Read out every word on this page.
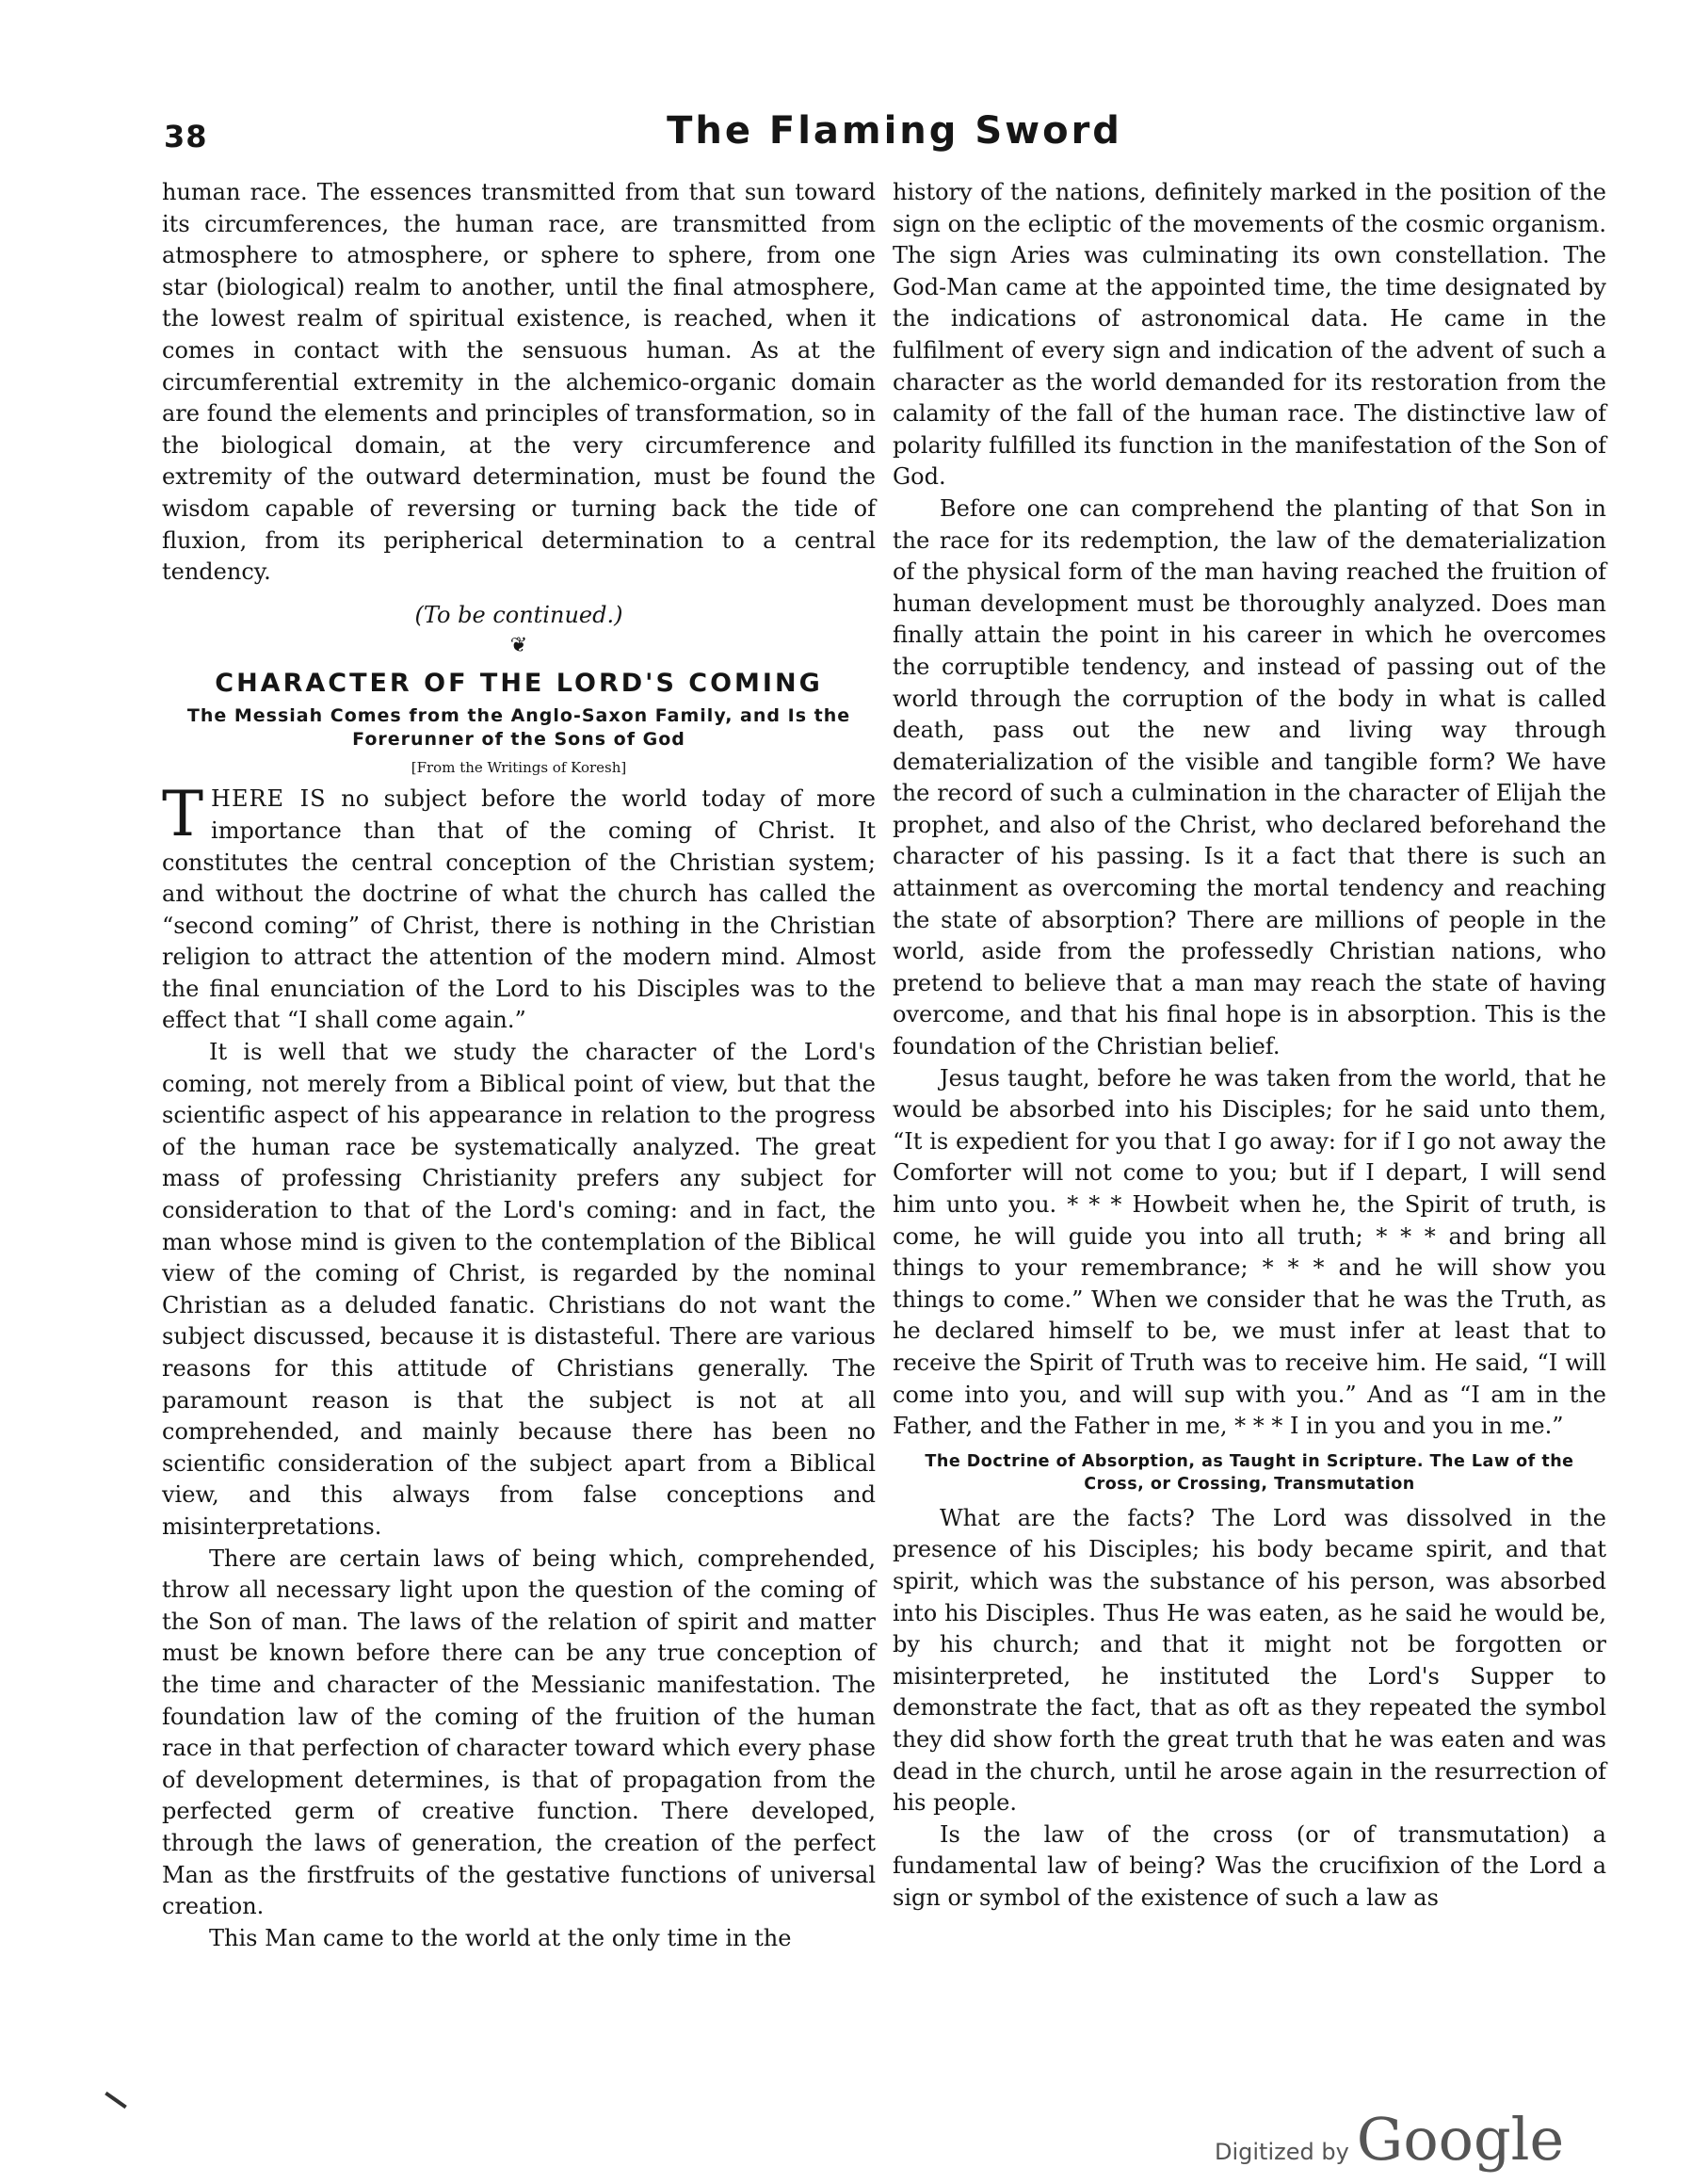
38	The Flaming Sword

human race. The essences transmitted from that sun toward its circumferences, the human race, are transmitted from atmosphere to atmosphere, or sphere to sphere, from one star (biological) realm to another, until the final atmosphere, the lowest realm of spiritual existence, is reached, when it comes in contact with the sensuous human. As at the circumferential extremity in the alchemico-organic domain are found the elements and principles of transformation, so in the biological domain, at the very circumference and extremity of the outward determination, must be found the wisdom capable of reversing or turning back the tide of fluxion, from its peripherical determination to a central tendency.

(To be continued.)
❦
CHARACTER OF THE LORD'S COMING
The Messiah Comes from the Anglo-Saxon Family, and Is the Forerunner of the Sons of God
[From the Writings of Koresh]

THERE IS no subject before the world today of more importance than that of the coming of Christ. It constitutes the central conception of the Christian system; and without the doctrine of what the church has called the “second coming” of Christ, there is nothing in the Christian religion to attract the attention of the modern mind. Almost the final enunciation of the Lord to his Disciples was to the effect that “I shall come again.”

It is well that we study the character of the Lord's coming, not merely from a Biblical point of view, but that the scientific aspect of his appearance in relation to the progress of the human race be systematically analyzed. The great mass of professing Christianity prefers any subject for consideration to that of the Lord's coming: and in fact, the man whose mind is given to the contemplation of the Biblical view of the coming of Christ, is regarded by the nominal Christian as a deluded fanatic. Christians do not want the subject discussed, because it is distasteful. There are various reasons for this attitude of Christians generally. The paramount reason is that the subject is not at all comprehended, and mainly because there has been no scientific consideration of the subject apart from a Biblical view, and this always from false conceptions and misinterpretations.

There are certain laws of being which, comprehended, throw all necessary light upon the question of the coming of the Son of man. The laws of the relation of spirit and matter must be known before there can be any true conception of the time and character of the Messianic manifestation. The foundation law of the coming of the fruition of the human race in that perfection of character toward which every phase of development determines, is that of propagation from the perfected germ of creative function. There developed, through the laws of generation, the creation of the perfect Man as the firstfruits of the gestative functions of universal creation.

This Man came to the world at the only time in the

history of the nations, definitely marked in the position of the sign on the ecliptic of the movements of the cosmic organism. The sign Aries was culminating its own constellation. The God-Man came at the appointed time, the time designated by the indications of astronomical data. He came in the fulfilment of every sign and indication of the advent of such a character as the world demanded for its restoration from the calamity of the fall of the human race. The distinctive law of polarity fulfilled its function in the manifestation of the Son of God.

Before one can comprehend the planting of that Son in the race for its redemption, the law of the dematerialization of the physical form of the man having reached the fruition of human development must be thoroughly analyzed. Does man finally attain the point in his career in which he overcomes the corruptible tendency, and instead of passing out of the world through the corruption of the body in what is called death, pass out the new and living way through dematerialization of the visible and tangible form? We have the record of such a culmination in the character of Elijah the prophet, and also of the Christ, who declared beforehand the character of his passing. Is it a fact that there is such an attainment as overcoming the mortal tendency and reaching the state of absorption? There are millions of people in the world, aside from the professedly Christian nations, who pretend to believe that a man may reach the state of having overcome, and that his final hope is in absorption. This is the foundation of the Christian belief.

Jesus taught, before he was taken from the world, that he would be absorbed into his Disciples; for he said unto them, “It is expedient for you that I go away: for if I go not away the Comforter will not come to you; but if I depart, I will send him unto you. * * * Howbeit when he, the Spirit of truth, is come, he will guide you into all truth; * * * and bring all things to your remembrance; * * * and he will show you things to come.” When we consider that he was the Truth, as he declared himself to be, we must infer at least that to receive the Spirit of Truth was to receive him. He said, “I will come into you, and will sup with you.” And as “I am in the Father, and the Father in me, * * * I in you and you in me.”

The Doctrine of Absorption, as Taught in Scripture. The Law of the Cross, or Crossing, Transmutation

What are the facts? The Lord was dissolved in the presence of his Disciples; his body became spirit, and that spirit, which was the substance of his person, was absorbed into his Disciples. Thus He was eaten, as he said he would be, by his church; and that it might not be forgotten or misinterpreted, he instituted the Lord's Supper to demonstrate the fact, that as oft as they repeated the symbol they did show forth the great truth that he was eaten and was dead in the church, until he arose again in the resurrection of his people.

Is the law of the cross (or of transmutation) a fundamental law of being? Was the crucifixion of the Lord a sign or symbol of the existence of such a law as

Digitized by Google
